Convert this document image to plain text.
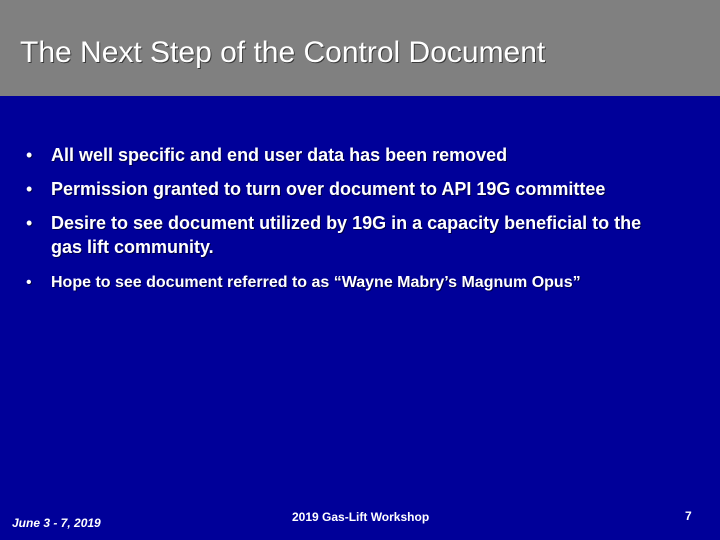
The Next Step of the Control Document
• All well specific and end user data has been removed
• Permission granted to turn over document to API 19G committee
• Desire to see document utilized by 19G in a capacity beneficial to the gas lift community.
• Hope to see document referred to as “Wayne Mabry’s Magnum Opus”
June 3 - 7, 2019	2019 Gas-Lift Workshop	7
